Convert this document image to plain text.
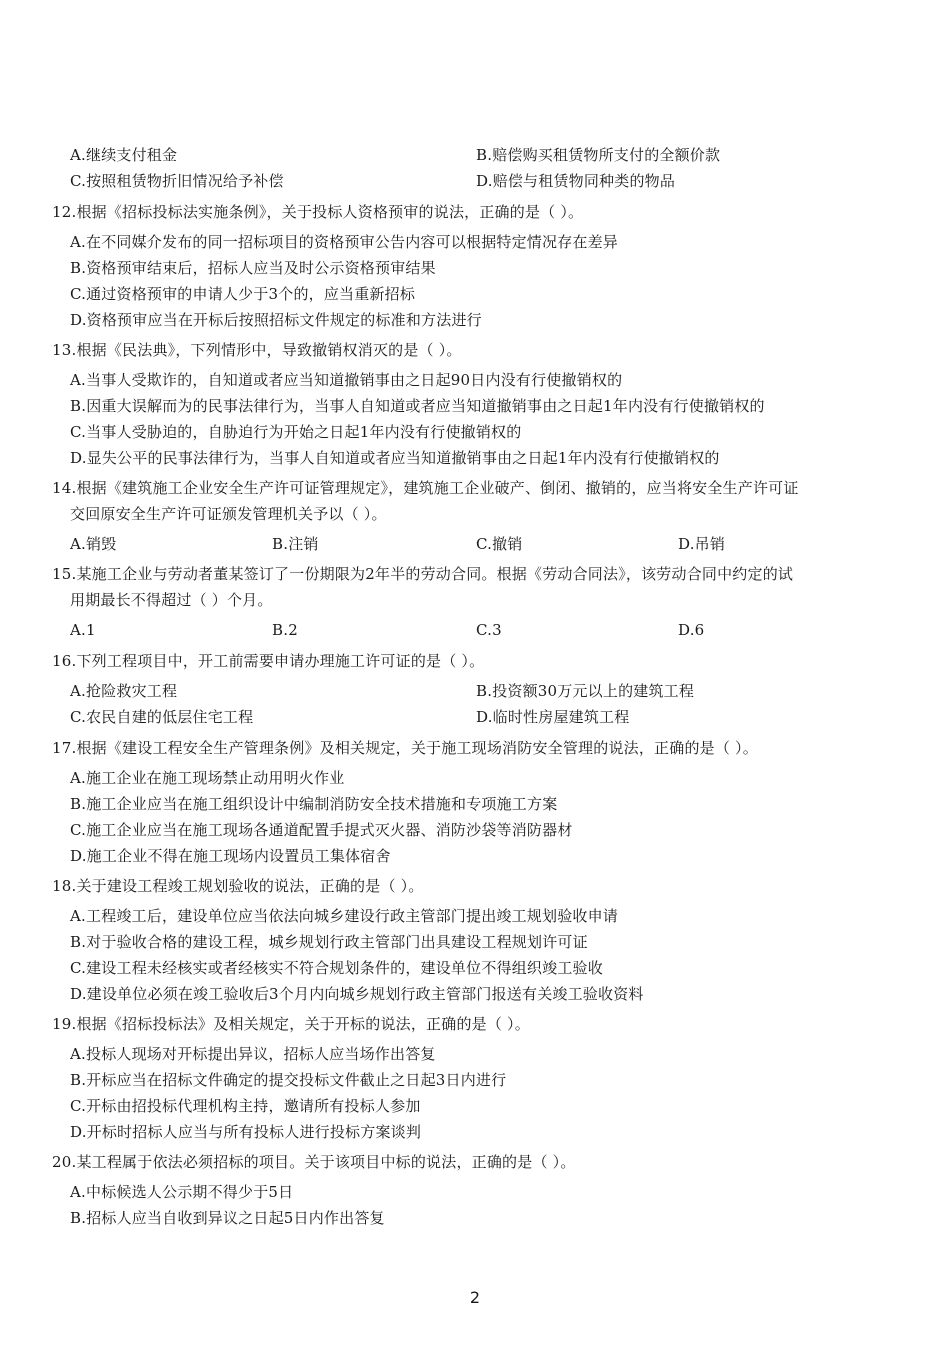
A.继续支付租金	B.赔偿购买租赁物所支付的全额价款
C.按照租赁物折旧情况给予补偿	D.赔偿与租赁物同种类的物品
12.根据《招标投标法实施条例》，关于投标人资格预审的说法，正确的是（ ）。
A.在不同媒介发布的同一招标项目的资格预审公告内容可以根据特定情况存在差异
B.资格预审结束后，招标人应当及时公示资格预审结果
C.通过资格预审的申请人少于3个的，应当重新招标
D.资格预审应当在开标后按照招标文件规定的标准和方法进行
13.根据《民法典》，下列情形中，导致撤销权消灭的是（ ）。
A.当事人受欺诈的，自知道或者应当知道撤销事由之日起90日内没有行使撤销权的
B.因重大误解而为的民事法律行为，当事人自知道或者应当知道撤销事由之日起1年内没有行使撤销权的
C.当事人受胁迫的，自胁迫行为开始之日起1年内没有行使撤销权的
D.显失公平的民事法律行为，当事人自知道或者应当知道撤销事由之日起1年内没有行使撤销权的
14.根据《建筑施工企业安全生产许可证管理规定》，建筑施工企业破产、倒闭、撤销的，应当将安全生产许可证
交回原安全生产许可证颁发管理机关予以（ ）。
A.销毁	B.注销	C.撤销	D.吊销
15.某施工企业与劳动者董某签订了一份期限为2年半的劳动合同。根据《劳动合同法》，该劳动合同中约定的试
用期最长不得超过（ ）个月。
A.1	B.2	C.3	D.6
16.下列工程项目中，开工前需要申请办理施工许可证的是（ ）。
A.抢险救灾工程	B.投资额30万元以上的建筑工程
C.农民自建的低层住宅工程	D.临时性房屋建筑工程
17.根据《建设工程安全生产管理条例》及相关规定，关于施工现场消防安全管理的说法，正确的是（ ）。
A.施工企业在施工现场禁止动用明火作业
B.施工企业应当在施工组织设计中编制消防安全技术措施和专项施工方案
C.施工企业应当在施工现场各通道配置手提式灭火器、消防沙袋等消防器材
D.施工企业不得在施工现场内设置员工集体宿舍
18.关于建设工程竣工规划验收的说法，正确的是（ ）。
A.工程竣工后，建设单位应当依法向城乡建设行政主管部门提出竣工规划验收申请
B.对于验收合格的建设工程，城乡规划行政主管部门出具建设工程规划许可证
C.建设工程未经核实或者经核实不符合规划条件的，建设单位不得组织竣工验收
D.建设单位必须在竣工验收后3个月内向城乡规划行政主管部门报送有关竣工验收资料
19.根据《招标投标法》及相关规定，关于开标的说法，正确的是（ ）。
A.投标人现场对开标提出异议，招标人应当场作出答复
B.开标应当在招标文件确定的提交投标文件截止之日起3日内进行
C.开标由招投标代理机构主持，邀请所有投标人参加
D.开标时招标人应当与所有投标人进行投标方案谈判
20.某工程属于依法必须招标的项目。关于该项目中标的说法，正确的是（ ）。
A.中标候选人公示期不得少于5日
B.招标人应当自收到异议之日起5日内作出答复
2
